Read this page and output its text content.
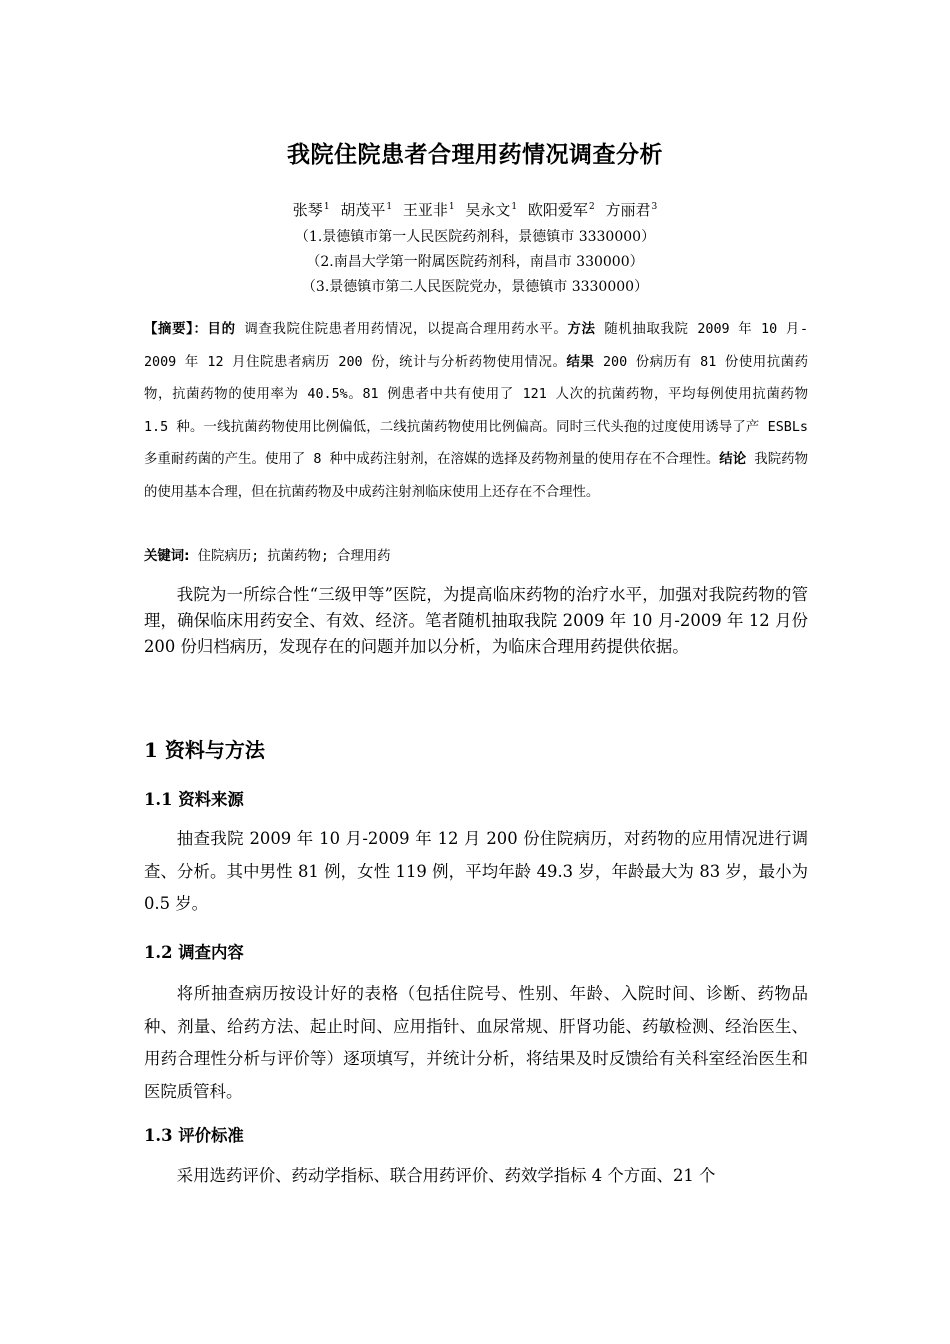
我院住院患者合理用药情况调查分析
张琴$^1$ 胡茂平$^1$ 王亚非$^1$ 吴永文$^1$ 欧阳爱军$^2$ 方丽君$^3$
（1.景德镇市第一人民医院药剂科，景德镇市 3330000）
（2.南昌大学第一附属医院药剂科，南昌市 330000）
（3.景德镇市第二人民医院党办，景德镇市 3330000）
【摘要】：目的 调查我院住院患者用药情况，以提高合理用药水平。方法 随机抽取我院 2009 年 10 月- 2009 年 12 月住院患者病历 200 份，统计与分析药物使用情况。结果 200 份病历有 81 份使用抗菌药物，抗菌药物的使用率为 40.5%。81 例患者中共有使用了 121 人次的抗菌药物，平均每例使用抗菌药物 1.5 种。一线抗菌药物使用比例偏低，二线抗菌药物使用比例偏高。同时三代头孢的过度使用诱导了产 ESBLs 多重耐药菌的产生。使用了 8 种中成药注射剂，在溶媒的选择及药物剂量的使用存在不合理性。结论 我院药物的使用基本合理，但在抗菌药物及中成药注射剂临床使用上还存在不合理性。
关键词: 住院病历; 抗菌药物; 合理用药
我院为一所综合性“三级甲等”医院，为提高临床药物的治疗水平，加强对我院药物的管理，确保临床用药安全、有效、经济。笔者随机抽取我院 2009 年 10 月-2009 年 12 月份 200 份归档病历，发现存在的问题并加以分析，为临床合理用药提供依据。
1 资料与方法
1.1 资料来源
抽查我院 2009 年 10 月-2009 年 12 月 200 份住院病历，对药物的应用情况进行调查、分析。其中男性 81 例，女性 119 例，平均年龄 49.3 岁，年龄最大为 83 岁，最小为 0.5 岁。
1.2 调查内容
将所抽查病历按设计好的表格（包括住院号、性别、年龄、入院时间、诊断、药物品种、剂量、给药方法、起止时间、应用指针、血尿常规、肝肾功能、药敏检测、经治医生、用药合理性分析与评价等）逐项填写，并统计分析，将结果及时反馈给有关科室经治医生和医院质管科。
1.3 评价标准
采用选药评价、药动学指标、联合用药评价、药效学指标 4 个方面、21 个
